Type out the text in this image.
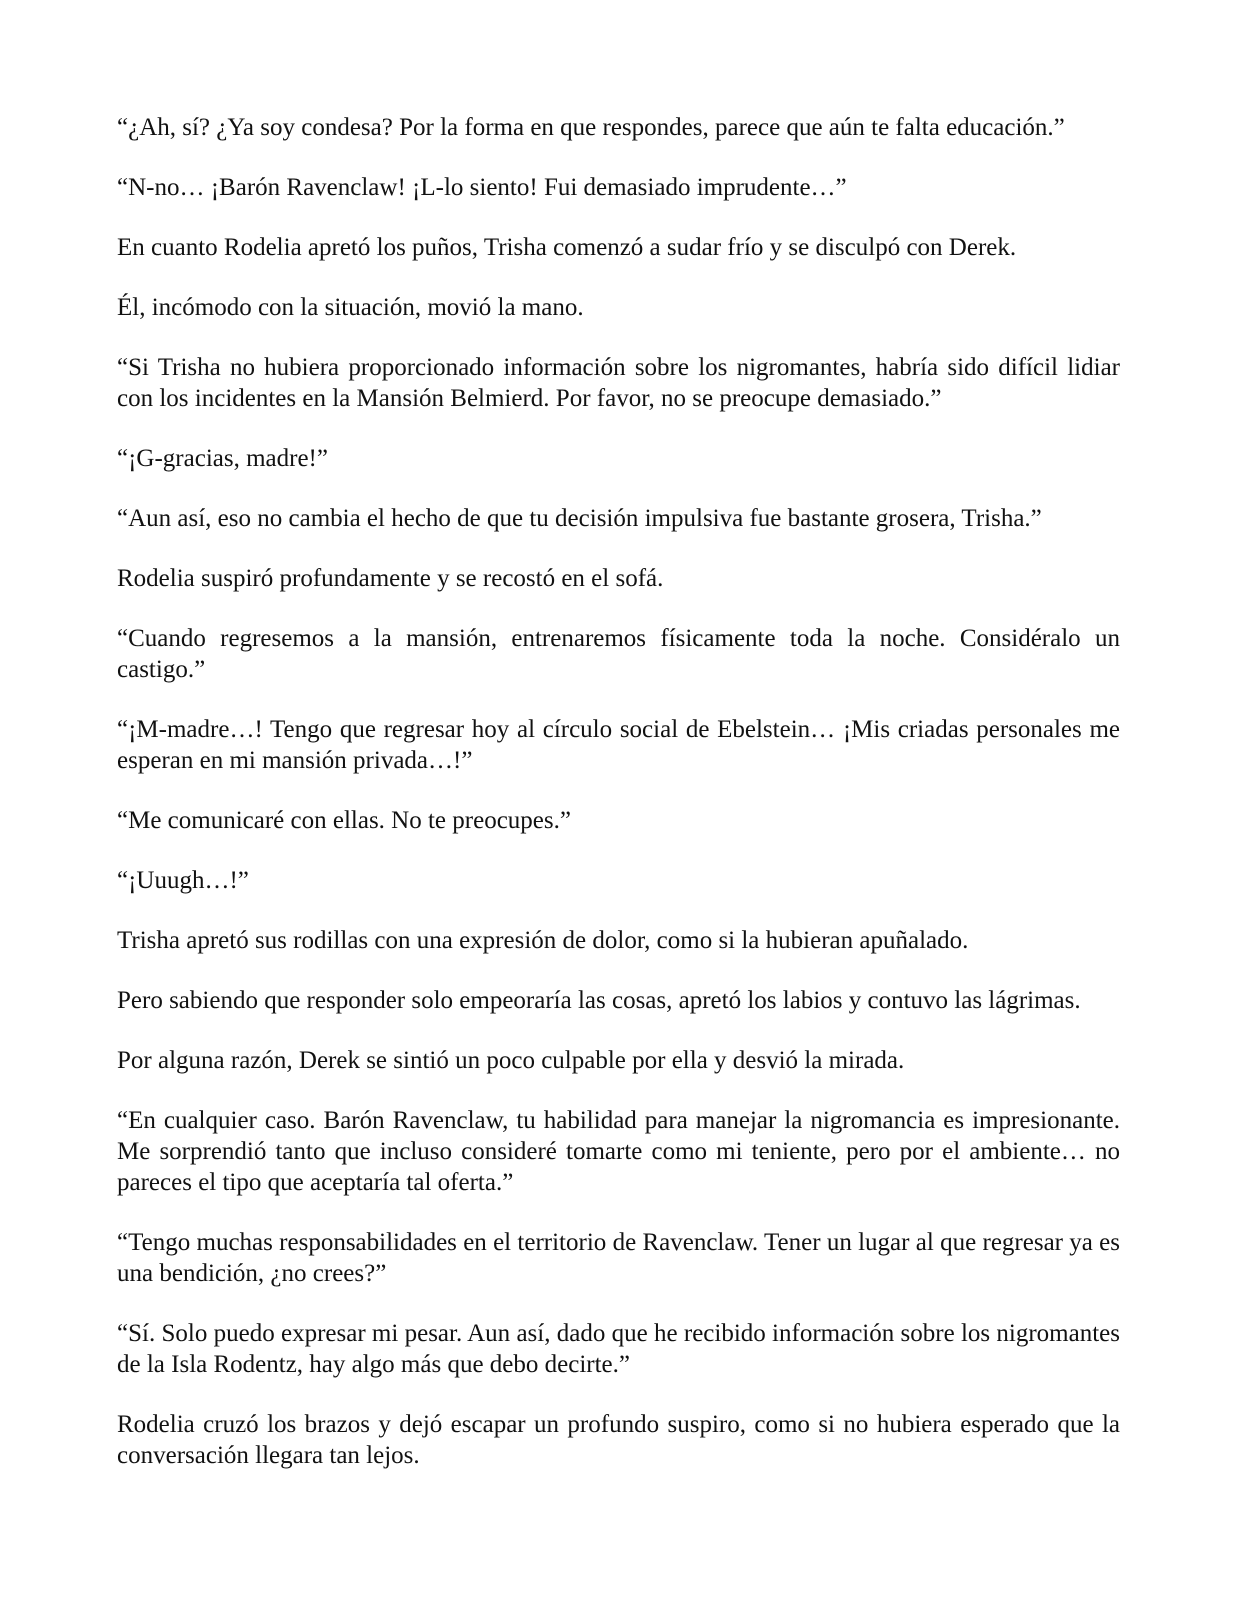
“¿Ah, sí? ¿Ya soy condesa? Por la forma en que respondes, parece que aún te falta educación.”

“N-no… ¡Barón Ravenclaw! ¡L-lo siento! Fui demasiado imprudente…”

En cuanto Rodelia apretó los puños, Trisha comenzó a sudar frío y se disculpó con Derek.

Él, incómodo con la situación, movió la mano.

“Si Trisha no hubiera proporcionado información sobre los nigromantes, habría sido difícil lidiar con los incidentes en la Mansión Belmierd. Por favor, no se preocupe demasiado.”

“¡G-gracias, madre!”

“Aun así, eso no cambia el hecho de que tu decisión impulsiva fue bastante grosera, Trisha.”

Rodelia suspiró profundamente y se recostó en el sofá.

“Cuando regresemos a la mansión, entrenaremos físicamente toda la noche. Considéralo un castigo.”

“¡M-madre…! Tengo que regresar hoy al círculo social de Ebelstein… ¡Mis criadas personales me esperan en mi mansión privada…!”

“Me comunicaré con ellas. No te preocupes.”

“¡Uuugh…!”

Trisha apretó sus rodillas con una expresión de dolor, como si la hubieran apuñalado.

Pero sabiendo que responder solo empeoraría las cosas, apretó los labios y contuvo las lágrimas.

Por alguna razón, Derek se sintió un poco culpable por ella y desvió la mirada.

“En cualquier caso. Barón Ravenclaw, tu habilidad para manejar la nigromancia es impresionante. Me sorprendió tanto que incluso consideré tomarte como mi teniente, pero por el ambiente… no pareces el tipo que aceptaría tal oferta.”

“Tengo muchas responsabilidades en el territorio de Ravenclaw. Tener un lugar al que regresar ya es una bendición, ¿no crees?”

“Sí. Solo puedo expresar mi pesar. Aun así, dado que he recibido información sobre los nigromantes de la Isla Rodentz, hay algo más que debo decirte.”

Rodelia cruzó los brazos y dejó escapar un profundo suspiro, como si no hubiera esperado que la conversación llegara tan lejos.
